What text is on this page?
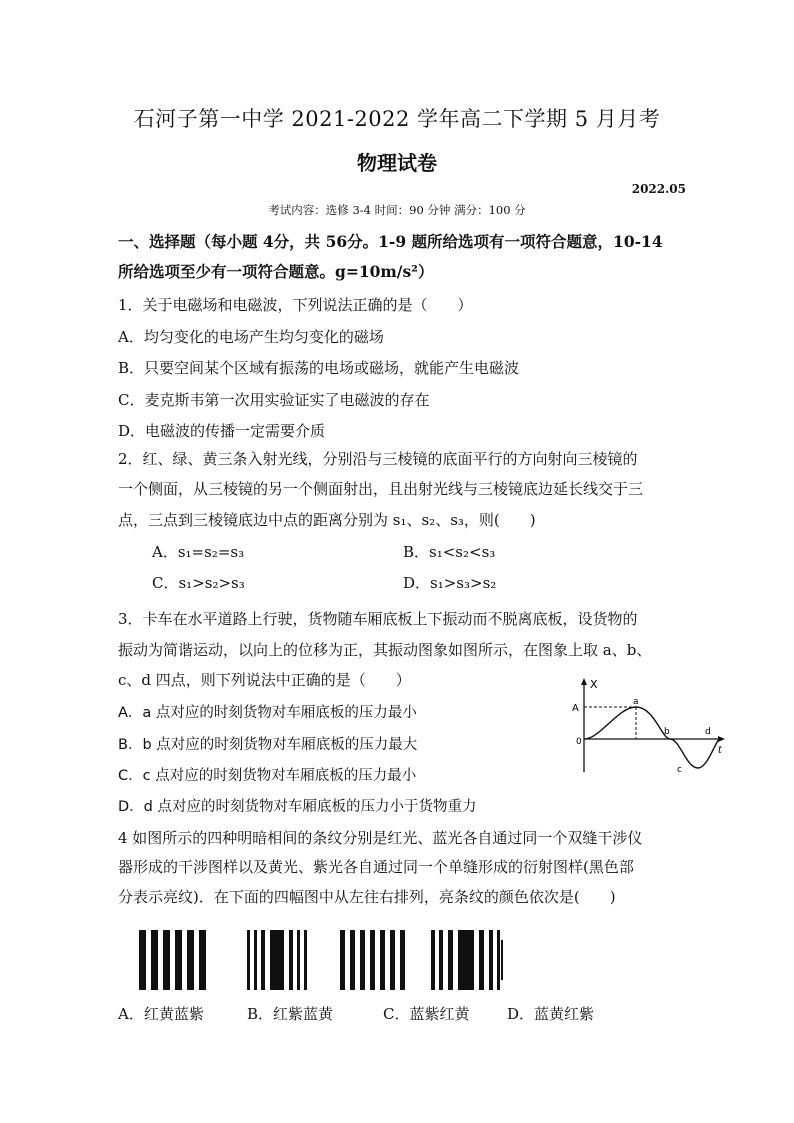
石河子第一中学 2021-2022 学年高二下学期 5 月月考
物理试卷
2022.05
考试内容：选修 3-4 时间：90 分钟 满分：100 分
一、选择题（每小题 4分，共 56分。1-9 题所给选项有一项符合题意，10-14
所给选项至少有一项符合题意。g=10m/s²）
1．关于电磁场和电磁波，下列说法正确的是（　　）
A．均匀变化的电场产生均匀变化的磁场
B．只要空间某个区域有振荡的电场或磁场，就能产生电磁波
C．麦克斯韦第一次用实验证实了电磁波的存在
D．电磁波的传播一定需要介质
2．红、绿、黄三条入射光线，分别沿与三棱镜的底面平行的方向射向三棱镜的
一个侧面，从三棱镜的另一个侧面射出，且出射光线与三棱镜底边延长线交于三
点，三点到三棱镜底边中点的距离分别为 s₁、s₂、s₃，则(　　)
A．s₁=s₂=s₃	B．s₁<s₂<s₃
C．s₁>s₂>s₃	D．s₁>s₃>s₂
3．卡车在水平道路上行驶，货物随车厢底板上下振动而不脱离底板，设货物的
振动为简谐运动，以向上的位移为正，其振动图象如图所示，在图象上取 a、b、
c、d 四点，则下列说法中正确的是（　　）
A．a 点对应的时刻货物对车厢底板的压力最小
B．b 点对应的时刻货物对车厢底板的压力最大
C．c 点对应的时刻货物对车厢底板的压力最小
D．d 点对应的时刻货物对车厢底板的压力小于货物重力
X
A
0
t
a
b
c
d
4 如图所示的四种明暗相间的条纹分别是红光、蓝光各自通过同一个双缝干涉仪
器形成的干涉图样以及黄光、紫光各自通过同一个单缝形成的衍射图样(黑色部
分表示亮纹)．在下面的四幅图中从左往右排列，亮条纹的颜色依次是(　　)
A．红黄蓝紫	B．红紫蓝黄	C．蓝紫红黄	D．蓝黄红紫
